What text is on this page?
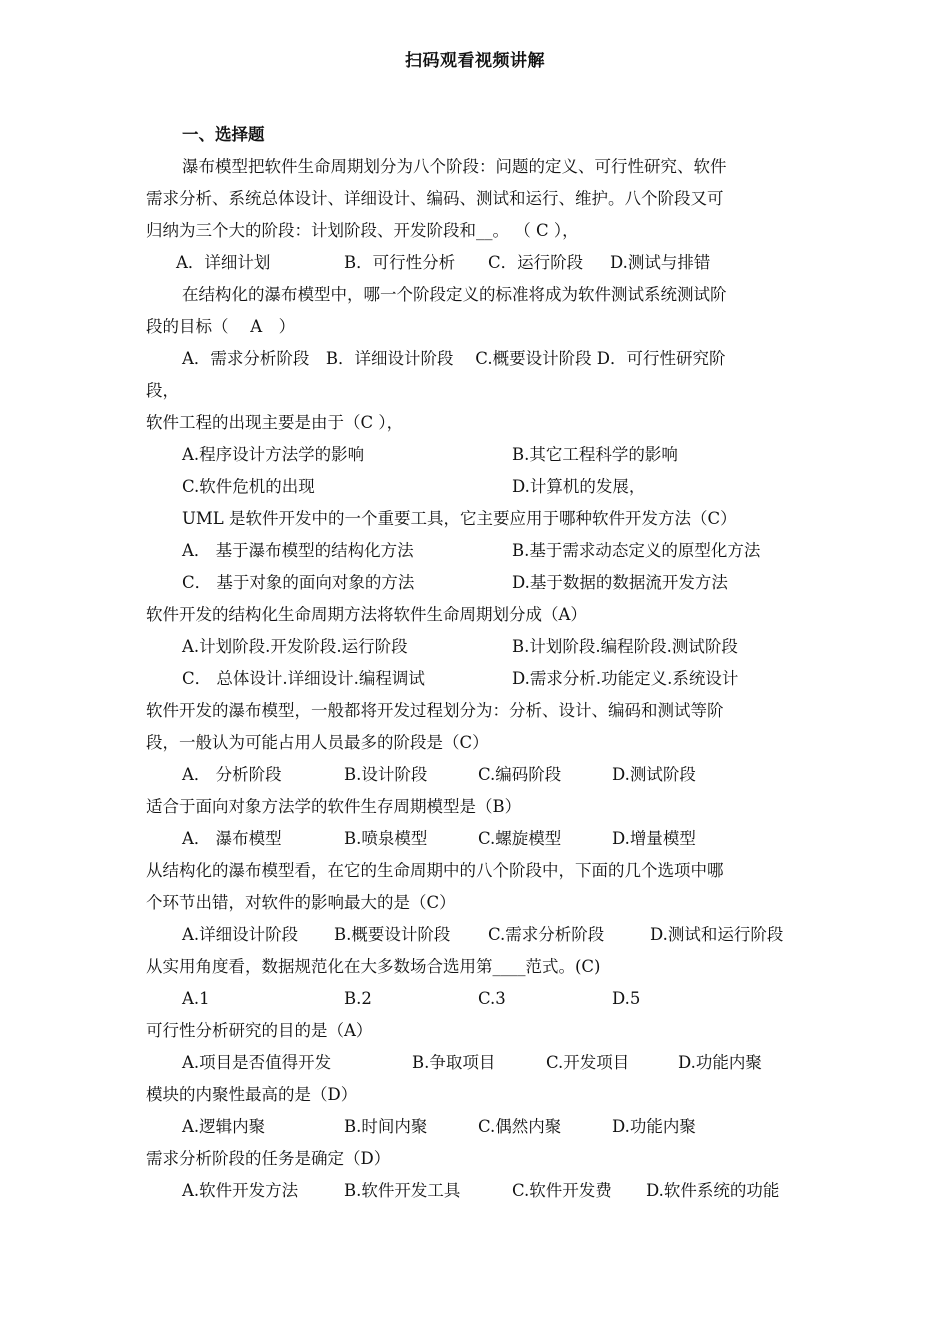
扫码观看视频讲解
一、选择题
瀑布模型把软件生命周期划分为八个阶段：问题的定义、可行性研究、软件
需求分析、系统总体设计、详细设计、编码、测试和运行、维护。八个阶段又可
归纳为三个大的阶段：计划阶段、开发阶段和__。 （ C ），
A．详细计划	B．可行性分析 C．运行阶段 D.测试与排错
在结构化的瀑布模型中，哪一个阶段定义的标准将成为软件测试系统测试阶
段的目标（　 A　）
A．需求分析阶段　B．详细设计阶段　 C.概要设计阶段 D．可行性研究阶
段，
软件工程的出现主要是由于（C ），
A.程序设计方法学的影响	B.其它工程科学的影响
C.软件危机的出现	D.计算机的发展，
UML 是软件开发中的一个重要工具，它主要应用于哪种软件开发方法（C）
A． 基于瀑布模型的结构化方法	B.基于需求动态定义的原型化方法
C． 基于对象的面向对象的方法	D.基于数据的数据流开发方法
软件开发的结构化生命周期方法将软件生命周期划分成（A）
A.计划阶段.开发阶段.运行阶段	B.计划阶段.编程阶段.测试阶段
C． 总体设计.详细设计.编程调试	D.需求分析.功能定义.系统设计
软件开发的瀑布模型，一般都将开发过程划分为：分析、设计、编码和测试等阶
段，一般认为可能占用人员最多的阶段是（C）
A． 分析阶段	B.设计阶段	C.编码阶段	D.测试阶段
适合于面向对象方法学的软件生存周期模型是（B）
A． 瀑布模型	B.喷泉模型	C.螺旋模型	D.增量模型
从结构化的瀑布模型看，在它的生命周期中的八个阶段中，下面的几个选项中哪
个环节出错，对软件的影响最大的是（C）
A.详细设计阶段 B.概要设计阶段 C.需求分析阶段	D.测试和运行阶段
从实用角度看，数据规范化在大多数场合选用第____范式。(C)
A.1	B.2	C.3	D.5
可行性分析研究的目的是（A）
A.项目是否值得开发	B.争取项目	C.开发项目	D.功能内聚
模块的内聚性最高的是（D）
A.逻辑内聚	B.时间内聚	C.偶然内聚	D.功能内聚
需求分析阶段的任务是确定（D）
A.软件开发方法	B.软件开发工具	C.软件开发费 D.软件系统的功能
